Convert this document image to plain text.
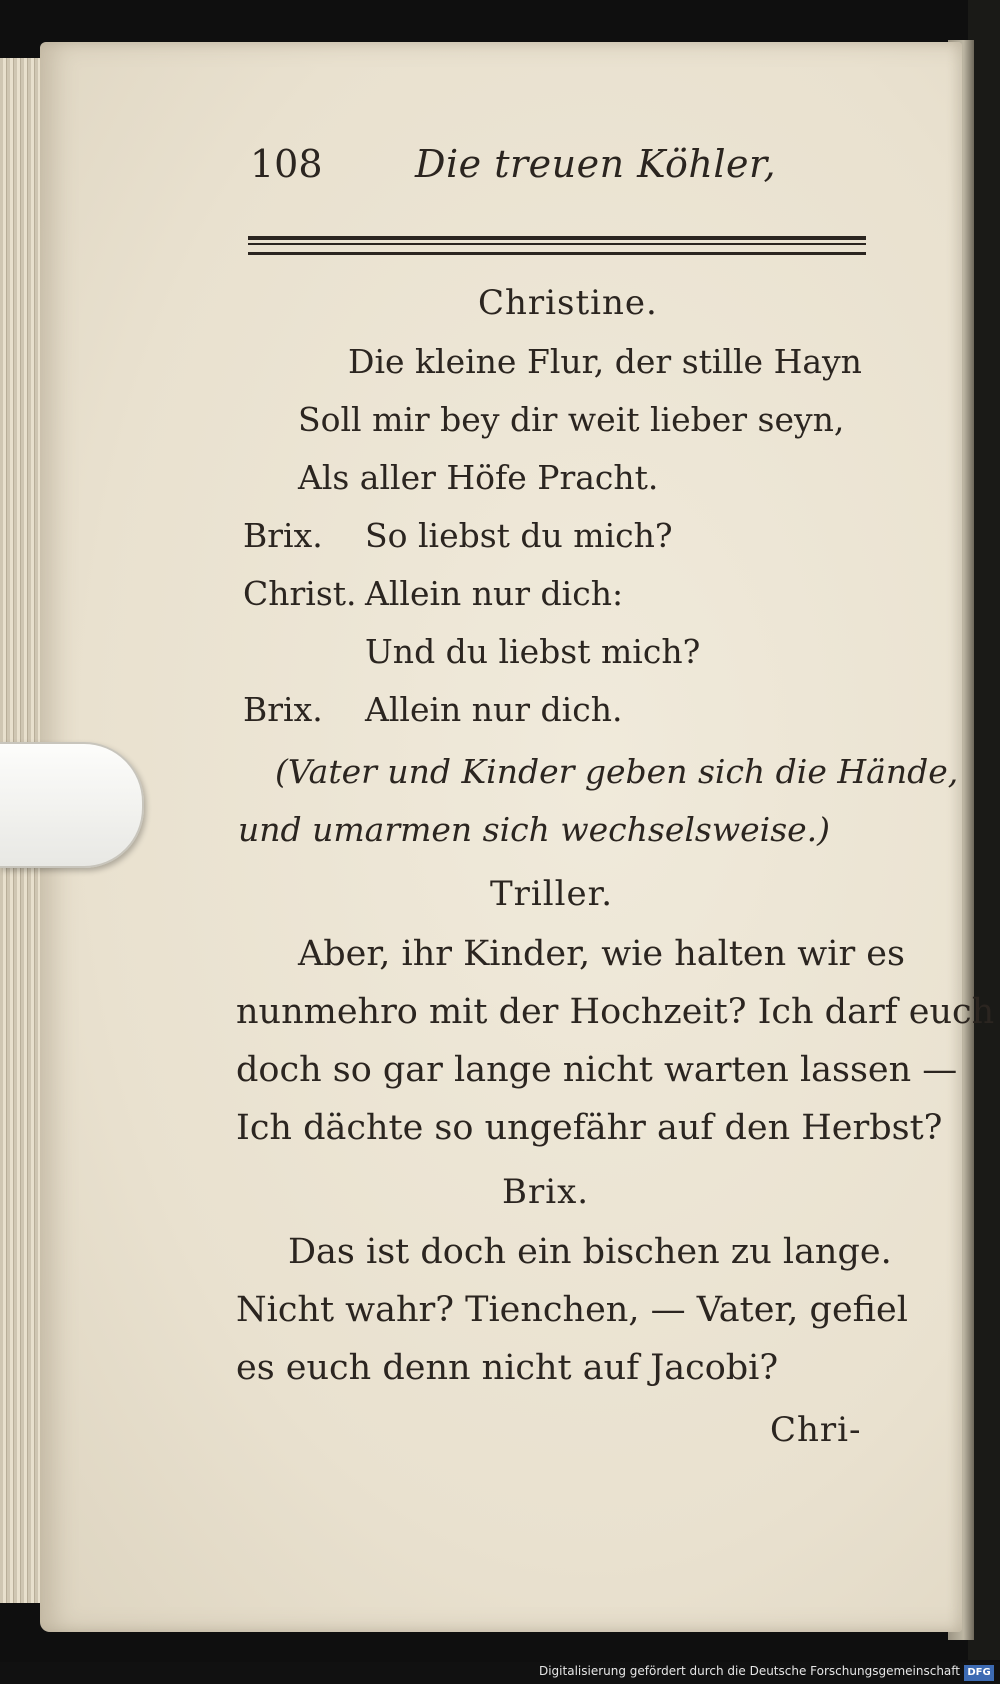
108 Die treuen Köhler,
Christine.
Die kleine Flur, der stille Hayn
Soll mir bey dir weit lieber seyn,
Als aller Höfe Pracht.
Brix. So liebst du mich?
Christ. Allein nur dich:
Und du liebst mich?
Brix. Allein nur dich.
(Vater und Kinder geben sich die Hände,
und umarmen sich wechselsweise.)
Triller.
Aber, ihr Kinder, wie halten wir es
nunmehro mit der Hochzeit? Ich darf euch
doch so gar lange nicht warten lassen —
Ich dächte so ungefähr auf den Herbst?
Brix.
Das ist doch ein bischen zu lange.
Nicht wahr? Tienchen, — Vater, gefiel
es euch denn nicht auf Jacobi?
Chri-
Digitalisierung gefördert durch die Deutsche Forschungsgemeinschaft DFG
